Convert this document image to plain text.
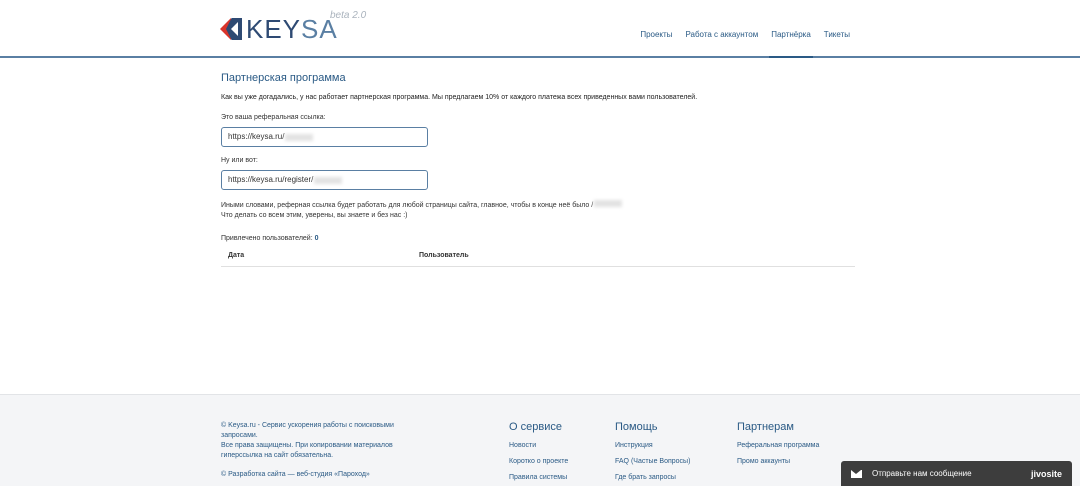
KEYSA
beta 2.0
Проекты Работа с аккаунтом Партнёрка Тикеты
Партнерская программа
Как вы уже догадались, у нас работает партнерская программа. Мы предлагаем 10% от каждого платежа всех приведенных вами пользователей.
Это ваша реферальная ссылка:
https://keysa.ru/
Ну или вот:
https://keysa.ru/register/
Иными словами, реферная ссылка будет работать для любой страницы сайта, главное, чтобы в конце неё было /
Что делать со всем этим, уверены, вы знаете и без нас :)
Привлечено пользователей: 0
Дата	Пользователь

© Keysa.ru - Сервис ускорения работы с поисковыми запросами.
Все права защищены. При копировании материалов гиперссылка на сайт обязательна.

© Разработка сайта — веб-студия «Пароход»

О сервисе
Новости
Коротко о проекте
Правила системы
Помощь
Инструкция
FAQ (Частые Вопросы)
Где брать запросы
Партнерам
Реферальная программа
Промо аккаунты
Отправьте нам сообщение	jivosite
